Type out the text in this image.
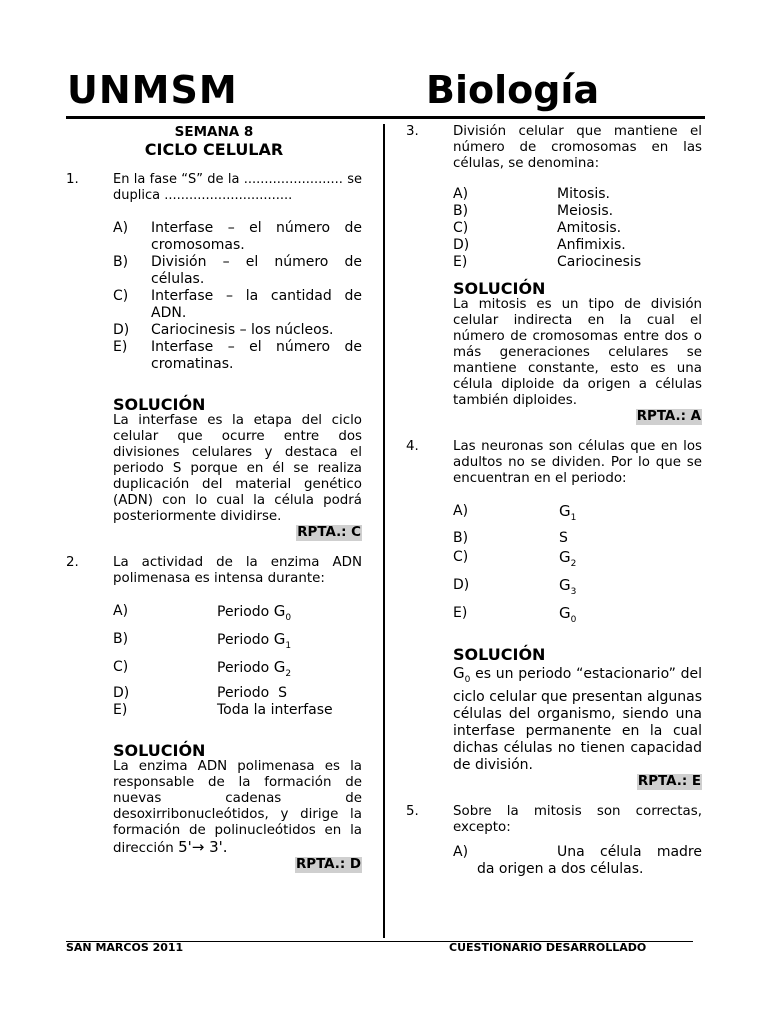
UNMSM	Biología
SEMANA 8
CICLO CELULAR
1.	En la fase “S” de la ........................ se duplica ...............................
A)	Interfase – el número de cromosomas.
B)	División – el número de células.
C)	Interfase – la cantidad de ADN.
D)	Cariocinesis – los núcleos.
E)	Interfase – el número de cromatinas.
SOLUCIÓN
La interfase es la etapa del ciclo celular que ocurre entre dos divisiones celulares y destaca el periodo S porque en él se realiza duplicación del material genético (ADN) con lo cual la célula podrá posteriormente dividirse.
RPTA.: C
2.	La actividad de la enzima ADN polimenasa es intensa durante:
A)	Periodo $G_0$
B)	Periodo $G_1$
C)	Periodo $G_2$
D)	Periodo  S
E)	Toda la interfase
SOLUCIÓN
La enzima ADN polimenasa es la responsable de la formación de nuevas cadenas de desoxirribonucleótidos, y dirige la formación de polinucleótidos en la dirección 5'→ 3'.
RPTA.: D
3.	División celular que mantiene el número de cromosomas en las células, se denomina:
A)	Mitosis.
B)	Meiosis.
C)	Amitosis.
D)	Anfimixis.
E)	Cariocinesis
SOLUCIÓN
La mitosis es un tipo de división celular indirecta en la cual el número de cromosomas entre dos o más generaciones celulares se mantiene constante, esto es una célula diploide da origen a células también diploides.
RPTA.: A
4.	Las neuronas son células que en los adultos no se dividen. Por lo que se encuentran en el periodo:
A)	$G_1$
B)	S
C)	$G_2$
D)	$G_3$
E)	$G_0$
SOLUCIÓN
$G_0$ es un periodo “estacionario” del ciclo celular que presentan algunas células del organismo, siendo una interfase permanente en la cual dichas células no tienen capacidad de división.
RPTA.: E
5.	Sobre la mitosis son correctas, excepto:
A)	Una célula madre da origen a dos células.
SAN MARCOS 2011	CUESTIONARIO DESARROLLADO
